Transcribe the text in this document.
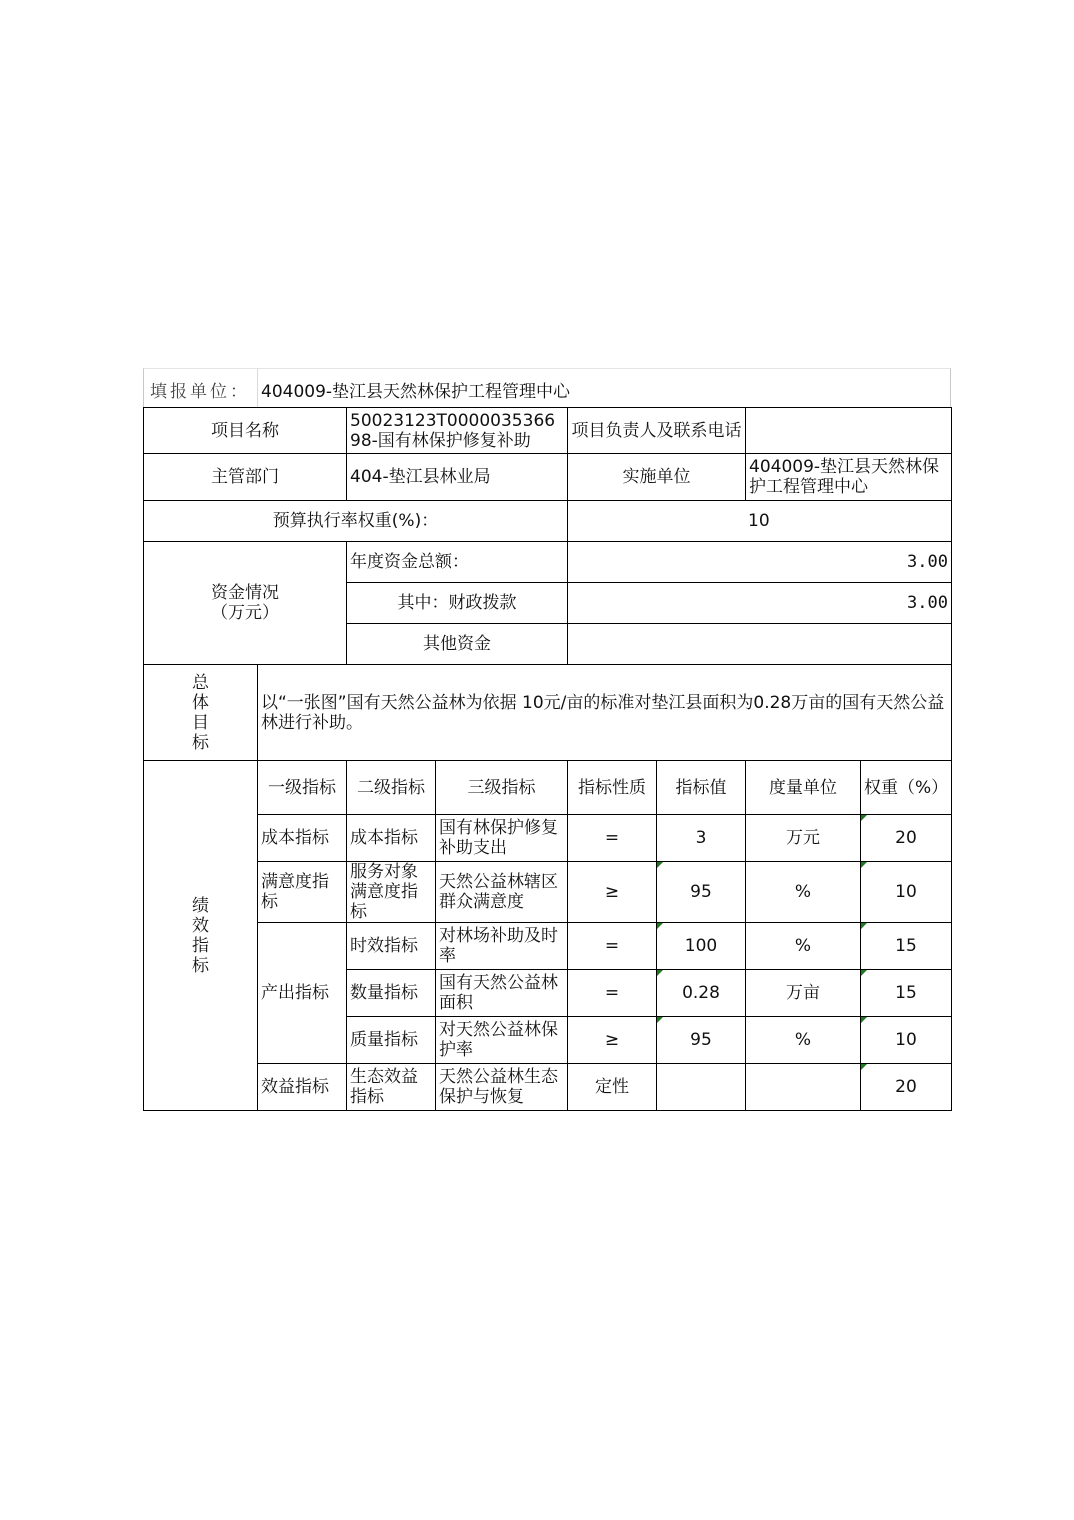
填报单位： 404009-垫江县天然林保护工程管理中心
项目名称		50023123T000003536698-国有林保护修复补助		项目负责人及联系电话			
主管部门		404-垫江县林业局		实施单位		404009-垫江县天然林保护工程管理中心	
预算执行率权重(%)：				10			

资金情况
（万元）		年度资金总额：		3.00			
		其中：财政拨款		3.00			
		其他资金					
总体目标	以“一张图”国有天然公益林为依据 10元/亩的标准对垫江县面积为0.28万亩的国有天然公益林进行补助。						
绩效指标	一级指标	二级指标	三级指标	指标性质	指标值	度量单位	权重（%）
	成本指标	成本指标	国有林保护修复补助支出	=	3	万元	20
	满意度指标	服务对象满意度指标	天然公益林辖区群众满意度	≥	95	%	10
	产出指标	时效指标	对林场补助及时率	=	100	%	15
		数量指标	国有天然公益林面积	=	0.28	万亩	15
		质量指标	对天然公益林保护率	≥	95	%	10
	效益指标	生态效益指标	天然公益林生态保护与恢复	定性			20
